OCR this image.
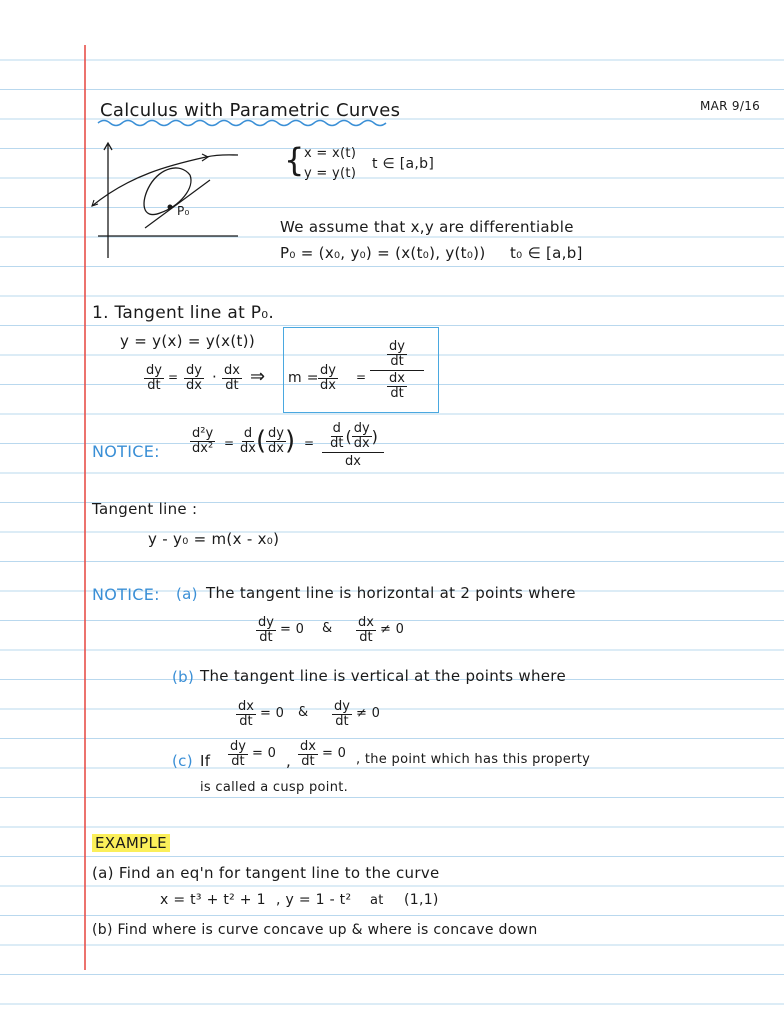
Calculus with Parametric Curves	MAR 9/16
P₀
{ x = x(t)
y = y(t)
t ∈ [a,b]
We assume that x,y are differentiable
P₀ = (x₀, y₀) = (x(t₀), y(t₀)) t₀ ∈ [a,b]
1. Tangent line at P₀.
y = y(x) = y(x(t))
$\frac{dy}{dt} = \frac{dy}{dx} \cdot \frac{dx}{dt}$ ⇒ $m = \frac{dy}{dx}$ =
$\frac{dy}{dt}$
$\frac{dx}{dt}$
NOTICE: $\frac{\text{d²y}}{\text{dx²}} = \frac{d}{dx}$
( $\frac{dy}{dx}$ ) = $\frac{d}{dt}$ ( $\frac{dy}{dx}$ )
dx
Tangent line :
y - y₀ = m(x - x₀)
NOTICE: (a) The tangent line is horizontal at 2 points where
$\frac{dy}{dt} = 0$ & $\frac{dx}{dt} \ne 0$
(b) The tangent line is vertical at the points where
$\frac{dx}{dt} = 0$ & $\frac{dy}{dt} \ne 0$
(c) If $\frac{dy}{dt} = 0$ , $\frac{dx}{dt} = 0$ , the point which has this property
is called a cusp point.
EXAMPLE
(a) Find an eq'n for tangent line to the curve
x = t³ + t² + 1 , y = 1 - t² at (1,1)
(b) Find where is curve concave up & where is concave down
